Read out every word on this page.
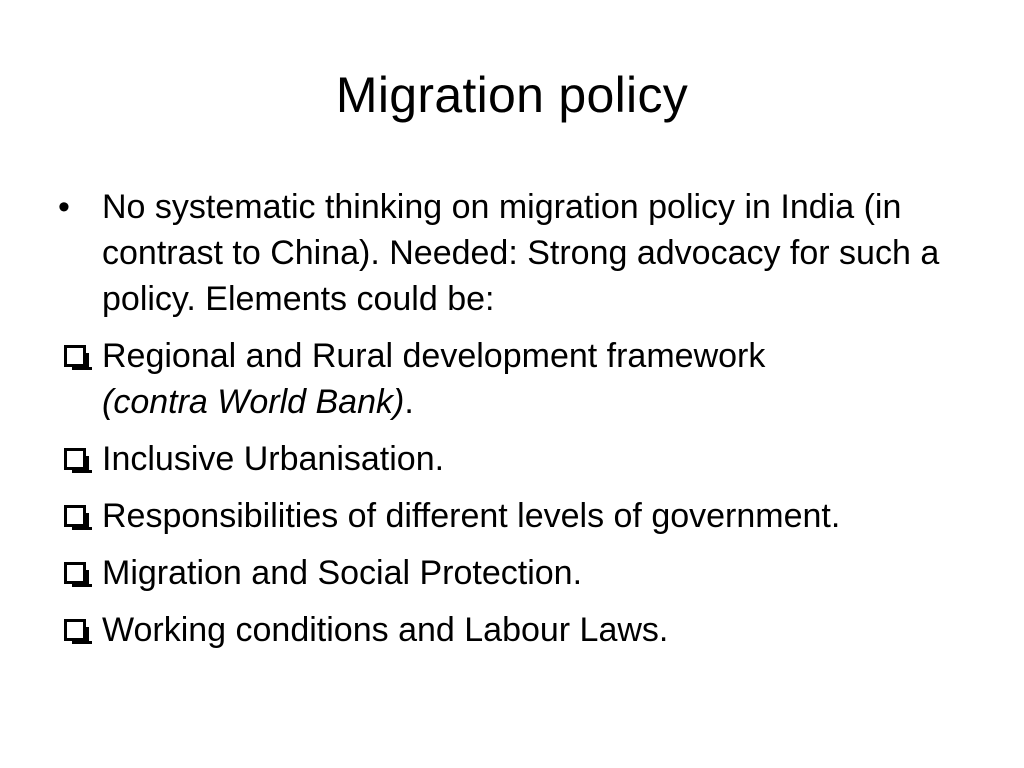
Migration policy
• No systematic thinking on migration policy in India (in contrast to China). Needed: Strong advocacy for such a policy. Elements could be:
Regional and Rural development framework
(contra World Bank).
Inclusive Urbanisation.
Responsibilities of different levels of government.
Migration and Social Protection.
Working conditions and Labour Laws.
